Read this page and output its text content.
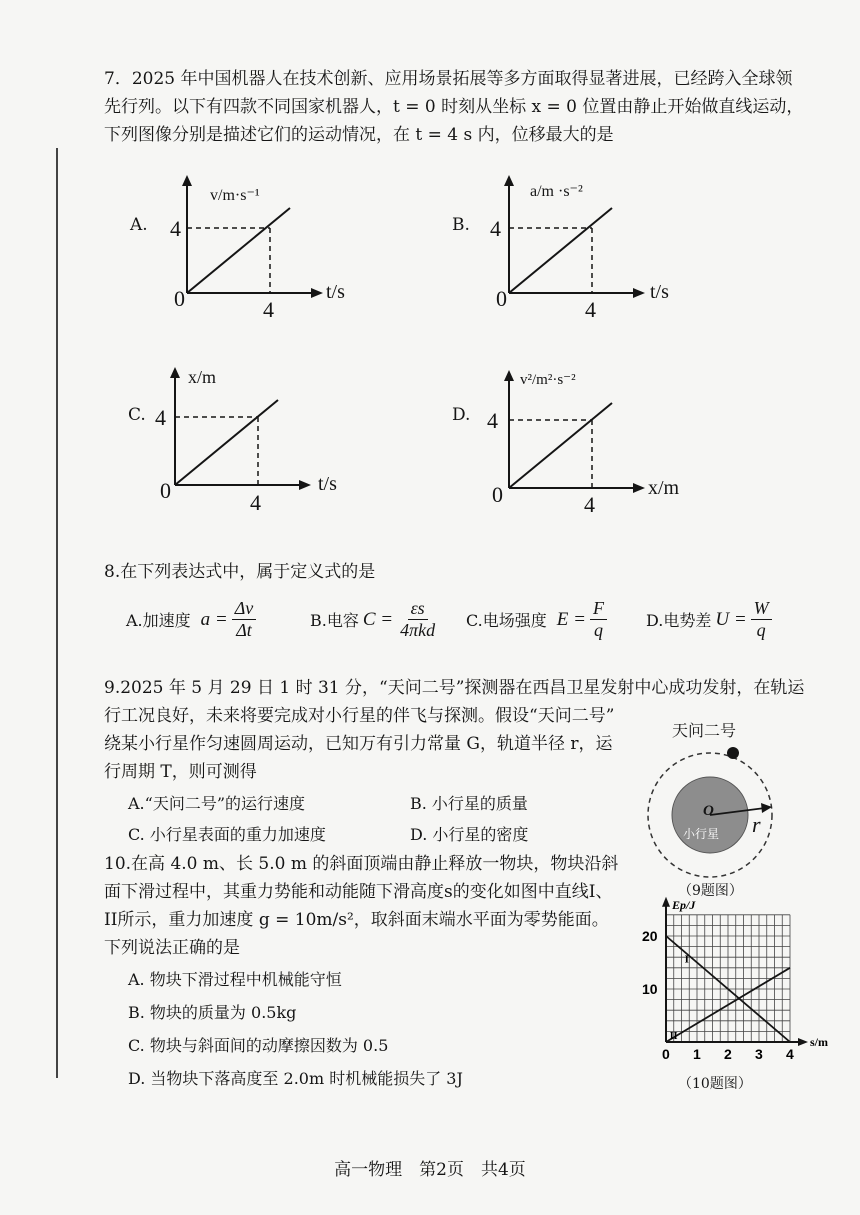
7．2025 年中国机器人在技术创新、应用场景拓展等多方面取得显著进展，已经跨入全球领
先行列。以下有四款不同国家机器人，t = 0 时刻从坐标 x = 0 位置由静止开始做直线运动，
下列图像分别是描述它们的运动情况，在 t = 4 s 内，位移最大的是
A.
v/m·s⁻¹
t/s
4
4
0
B.
a/m ·s⁻²
t/s
4
4
0
C.
x/m
t/s
4
4
0
D.
v²/m²·s⁻²
x/m
4
4
0
8.在下列表达式中，属于定义式的是
A.加速度 $a = \frac{\Delta v}{\Delta t}$	B.电容 $C = \frac{\varepsilon s}{\text{4πkd}} C$.电场强度 $E = \frac{F}{q} D$.电势差 $U = \frac{W}{q}$
9.2025 年 5 月 29 日 1 时 31 分，“天问二号”探测器在西昌卫星发射中心成功发射，在轨运
行工况良好，未来将要完成对小行星的伴飞与探测。假设“天问二号”
绕某小行星作匀速圆周运动，已知万有引力常量 G，轨道半径 r，运
行周期 T，则可测得
A.“天问二号”的运行速度	B. 小行星的质量
C. 小行星表面的重力加速度	D. 小行星的密度
天问二号
O
小行星 r
（9题图）
10.在高 4.0 m、长 5.0 m 的斜面顶端由静止释放一物块，物块沿斜
面下滑过程中，其重力势能和动能随下滑高度s的变化如图中直线I、
II所示，重力加速度 g = 10m/s²，取斜面末端水平面为零势能面。
下列说法正确的是
A. 物块下滑过程中机械能守恒
B. 物块的质量为 0.5kg
C. 物块与斜面间的动摩擦因数为 0.5
D. 当物块下落高度至 2.0m 时机械能损失了 3J
0 1 2 3 4
10
20
Ep/J
s/m
I
II
（10题图）
高一物理　第2页　共4页
